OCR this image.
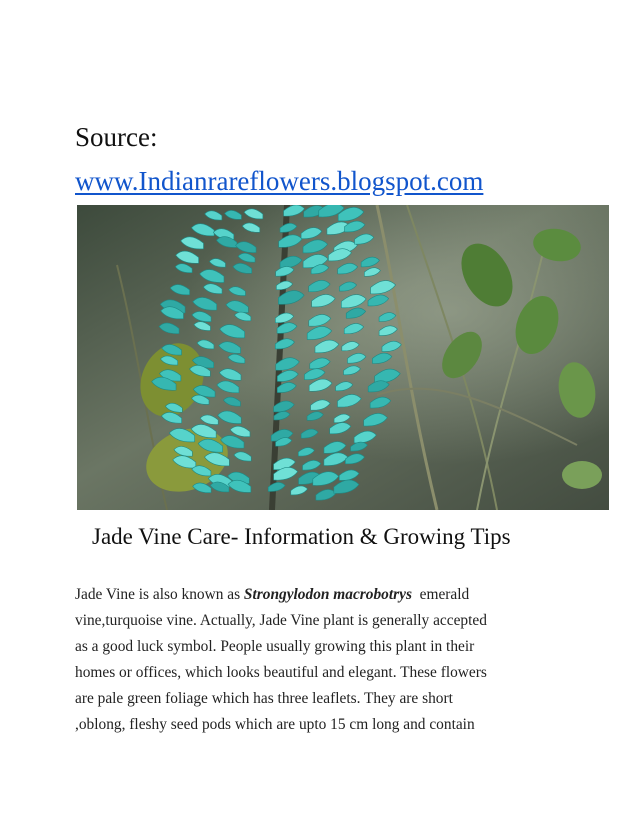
Source:
www.Indianrareflowers.blogspot.com
Jade Vine Care- Information & Growing Tips
Jade Vine is also known as Strongylodon macrobotrys  emerald
vine,turquoise vine. Actually, Jade Vine plant is generally accepted
as a good luck symbol. People usually growing this plant in their
homes or offices, which looks beautiful and elegant. These flowers
are pale green foliage which has three leaflets. They are short
,oblong, fleshy seed pods which are upto 15 cm long and contain
